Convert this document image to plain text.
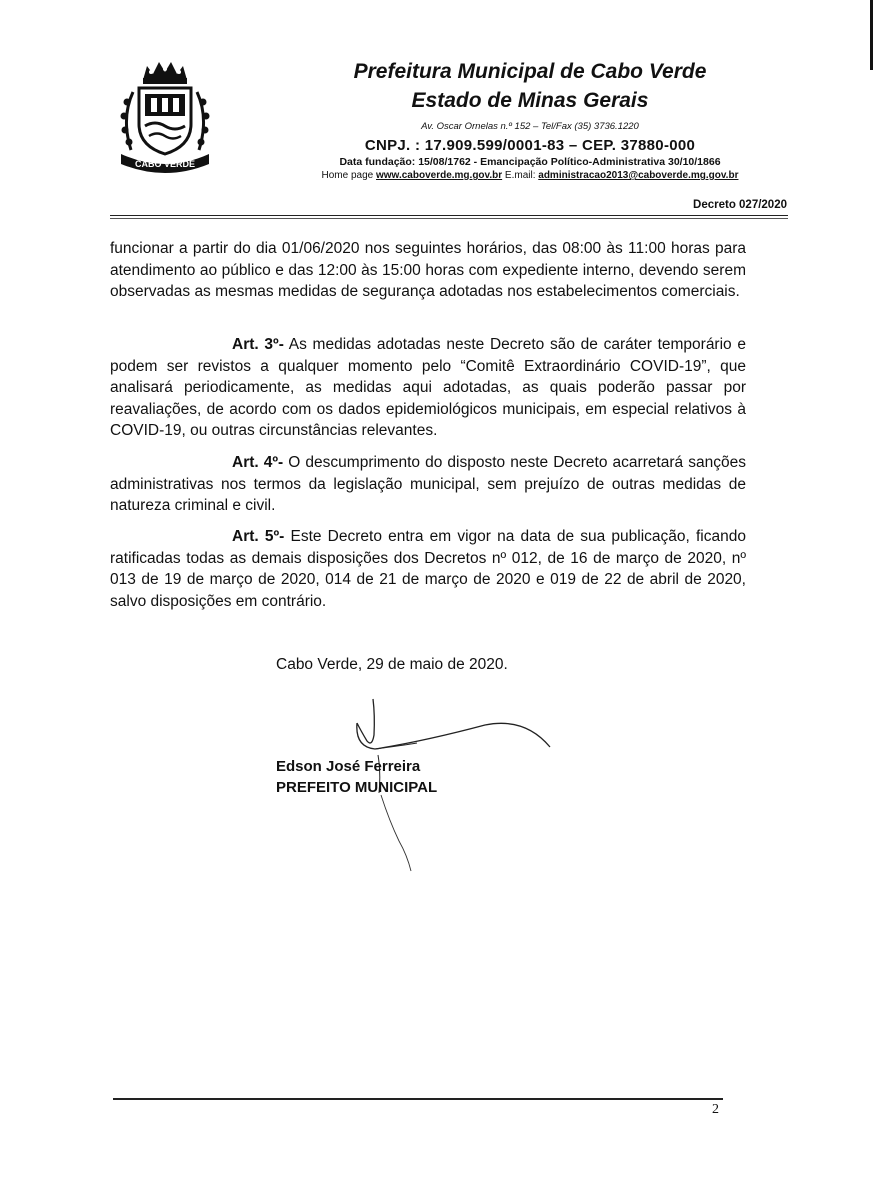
CABO VERDE

Prefeitura Municipal de Cabo Verde

Estado de Minas Gerais

Av. Oscar Ornelas n.º 152 – Tel/Fax (35) 3736.1220
CNPJ. : 17.909.599/0001-83 – CEP. 37880-000
Data fundação: 15/08/1762 - Emancipação Político-Administrativa 30/10/1866
Home page www.caboverde.mg.gov.br E.mail: administracao2013@caboverde.mg.gov.br
Decreto 027/2020
funcionar a partir do dia 01/06/2020 nos seguintes horários, das 08:00 às 11:00 horas para atendimento ao público e das 12:00 às 15:00 horas com expediente interno, devendo serem observadas as mesmas medidas de segurança adotadas nos estabelecimentos comerciais.
Art. 3º- As medidas adotadas neste Decreto são de caráter temporário e podem ser revistos a qualquer momento pelo “Comitê Extraordinário COVID-19”, que analisará periodicamente, as medidas aqui adotadas, as quais poderão passar por reavaliações, de acordo com os dados epidemiológicos municipais, em especial relativos à COVID-19, ou outras circunstâncias relevantes.
Art. 4º- O descumprimento do disposto neste Decreto acarretará sanções administrativas nos termos da legislação municipal, sem prejuízo de outras medidas de natureza criminal e civil.
Art. 5º- Este Decreto entra em vigor na data de sua publicação, ficando ratificadas todas as demais disposições dos Decretos nº 012, de 16 de março de 2020, nº 013 de 19 de março de 2020, 014 de 21 de março de 2020 e 019 de 22 de abril de 2020, salvo disposições em contrário.
Cabo Verde, 29 de maio de 2020.
Edson José Ferreira
PREFEITO MUNICIPAL
2
